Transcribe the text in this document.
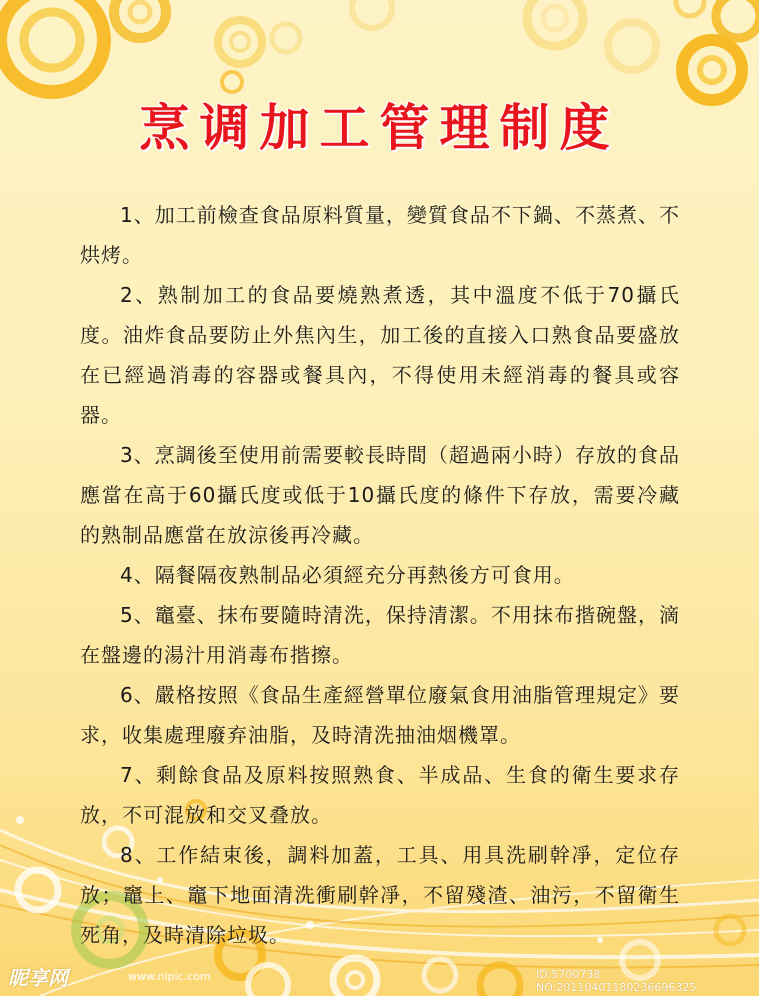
烹调加工管理制度

1、加工前檢查食品原料質量，變質食品不下鍋、不蒸煮、不烘烤。

2、熟制加工的食品要燒熟煮透，其中溫度不低于70攝氏度。油炸食品要防止外焦內生，加工後的直接入口熟食品要盛放在已經過消毒的容器或餐具內，不得使用未經消毒的餐具或容器。

3、烹調後至使用前需要較長時間（超過兩小時）存放的食品應當在高于60攝氏度或低于10攝氏度的條件下存放，需要冷藏的熟制品應當在放涼後再冷藏。

4、隔餐隔夜熟制品必須經充分再熱後方可食用。

5、竈臺、抹布要隨時清洗，保持清潔。不用抹布揩碗盤，滴在盤邊的湯汁用消毒布揩擦。

6、嚴格按照《食品生產經營單位廢氣食用油脂管理規定》要求，收集處理廢弃油脂，及時清洗抽油烟機罩。

7、剩餘食品及原料按照熟食、半成品、生食的衛生要求存放，不可混放和交叉叠放。

8、工作結束後，調料加蓋，工具、用具洗刷幹凈，定位存放；竈上、竈下地面清洗衝刷幹凈，不留殘渣、油污，不留衛生死角，及時清除垃圾。

昵享网	www.nipic.com	ID:5700738 NO:20110401180236696325
